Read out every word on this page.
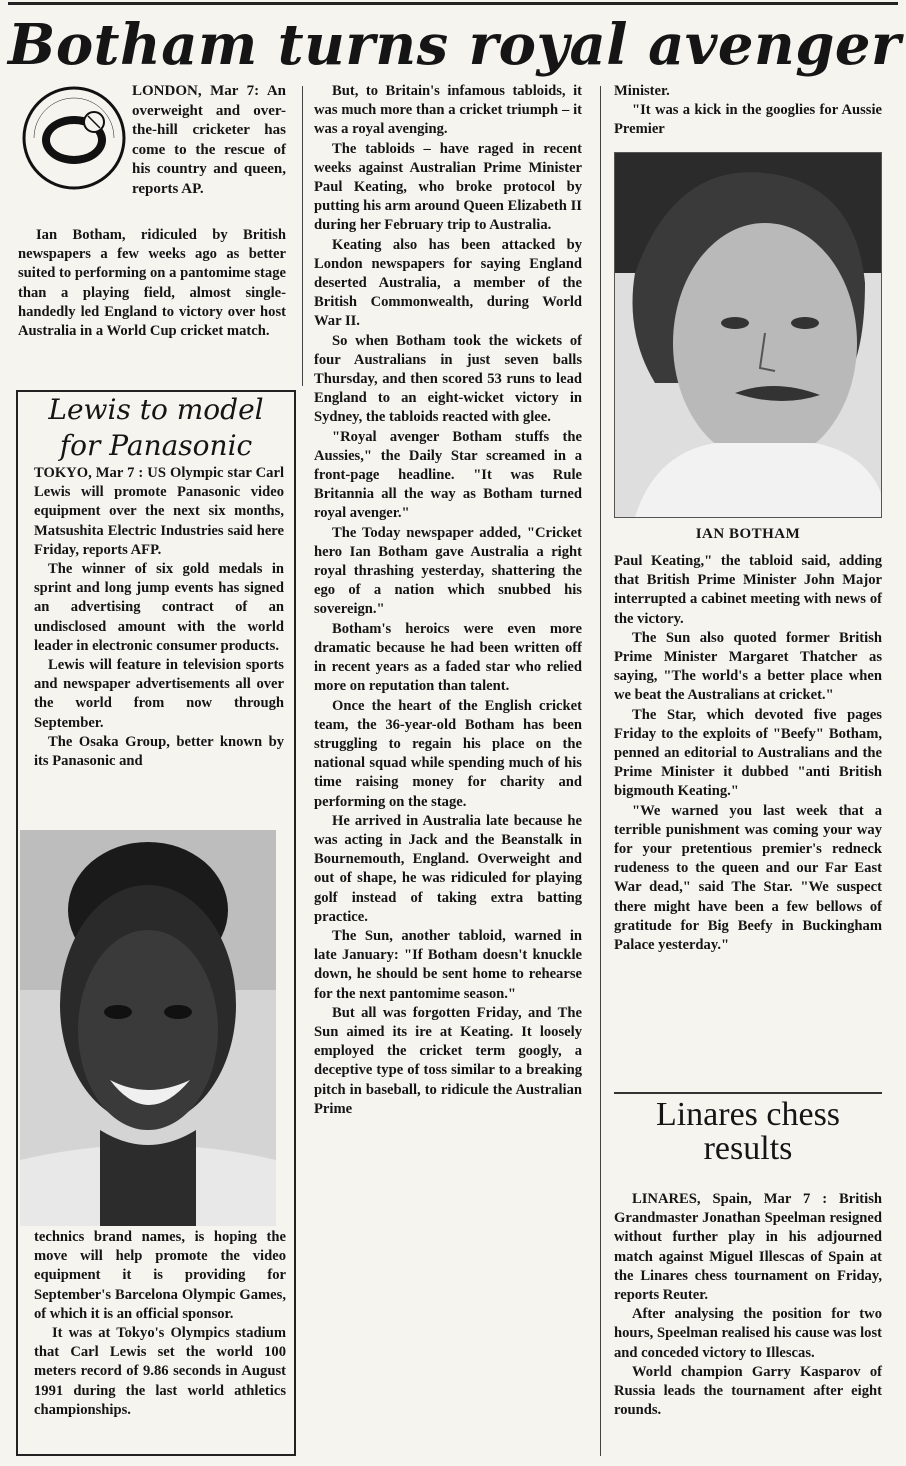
Botham turns royal avenger

LONDON, Mar 7: An overweight and over-the-hill cricketer has come to the rescue of his country and queen, reports AP.

Ian Botham, ridiculed by British newspapers a few weeks ago as better suited to performing on a pantomime stage than a playing field, almost single-handedly led England to victory over host Australia in a World Cup cricket match.

Lewis to model
for Panasonic

TOKYO, Mar 7 : US Olympic star Carl Lewis will promote Panasonic video equipment over the next six months, Matsushita Electric Industries said here Friday, reports AFP.

The winner of six gold medals in sprint and long jump events has signed an advertising contract of an undisclosed amount with the world leader in electronic consumer products.

Lewis will feature in television sports and newspaper advertisements all over the world from now through September.

The Osaka Group, better known by its Panasonic and

technics brand names, is hoping the move will help promote the video equipment it is providing for September's Barcelona Olympic Games, of which it is an official sponsor.

It was at Tokyo's Olympics stadium that Carl Lewis set the world 100 meters record of 9.86 seconds in August 1991 during the last world athletics championships.

But, to Britain's infamous tabloids, it was much more than a cricket triumph – it was a royal avenging.

The tabloids – have raged in recent weeks against Australian Prime Minister Paul Keating, who broke protocol by putting his arm around Queen Elizabeth II during her February trip to Australia.

Keating also has been attacked by London newspapers for saying England deserted Australia, a member of the British Commonwealth, during World War II.

So when Botham took the wickets of four Australians in just seven balls Thursday, and then scored 53 runs to lead England to an eight-wicket victory in Sydney, the tabloids reacted with glee.

"Royal avenger Botham stuffs the Aussies," the Daily Star screamed in a front-page headline. "It was Rule Britannia all the way as Botham turned royal avenger."

The Today newspaper added, "Cricket hero Ian Botham gave Australia a right royal thrashing yesterday, shattering the ego of a nation which snubbed his sovereign."

Botham's heroics were even more dramatic because he had been written off in recent years as a faded star who relied more on reputation than talent.

Once the heart of the English cricket team, the 36-year-old Botham has been struggling to regain his place on the national squad while spending much of his time raising money for charity and performing on the stage.

He arrived in Australia late because he was acting in Jack and the Beanstalk in Bournemouth, England. Overweight and out of shape, he was ridiculed for playing golf instead of taking extra batting practice.

The Sun, another tabloid, warned in late January: "If Botham doesn't knuckle down, he should be sent home to rehearse for the next pantomime season."

But all was forgotten Friday, and The Sun aimed its ire at Keating. It loosely employed the cricket term googly, a deceptive type of toss similar to a breaking pitch in baseball, to ridicule the Australian Prime

Minister.

"It was a kick in the googlies for Aussie Premier

IAN BOTHAM

Paul Keating," the tabloid said, adding that British Prime Minister John Major interrupted a cabinet meeting with news of the victory.

The Sun also quoted former British Prime Minister Margaret Thatcher as saying, "The world's a better place when we beat the Australians at cricket."

The Star, which devoted five pages Friday to the exploits of "Beefy" Botham, penned an editorial to Australians and the Prime Minister it dubbed "anti British bigmouth Keating."

"We warned you last week that a terrible punishment was coming your way for your pretentious premier's redneck rudeness to the queen and our Far East War dead," said The Star. "We suspect there might have been a few bellows of gratitude for Big Beefy in Buckingham Palace yesterday."

Linares chess results

LINARES, Spain, Mar 7 : British Grandmaster Jonathan Speelman resigned without further play in his adjourned match against Miguel Illescas of Spain at the Linares chess tournament on Friday, reports Reuter.

After analysing the position for two hours, Speelman realised his cause was lost and conceded victory to Illescas.

World champion Garry Kasparov of Russia leads the tournament after eight rounds.
